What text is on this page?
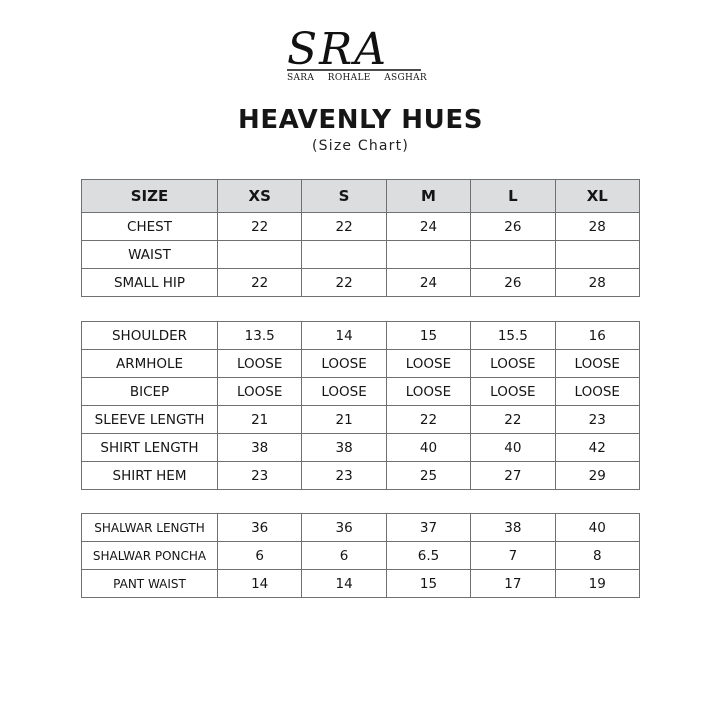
SRA
SARA ROHALE ASGHAR
HEAVENLY HUES
(Size Chart)
SIZE	XS	S	M	L	XL
CHEST	22	22	24	26	28
WAIST					
SMALL HIP	22	22	24	26	28
SHOULDER	13.5	14	15	15.5	16
ARMHOLE	LOOSE	LOOSE	LOOSE	LOOSE	LOOSE
BICEP	LOOSE	LOOSE	LOOSE	LOOSE	LOOSE
SLEEVE LENGTH	21	21	22	22	23
SHIRT LENGTH	38	38	40	40	42
SHIRT HEM	23	23	25	27	29
SHALWAR LENGTH	36	36	37	38	40
SHALWAR PONCHA	6	6	6.5	7	8
PANT WAIST	14	14	15	17	19
